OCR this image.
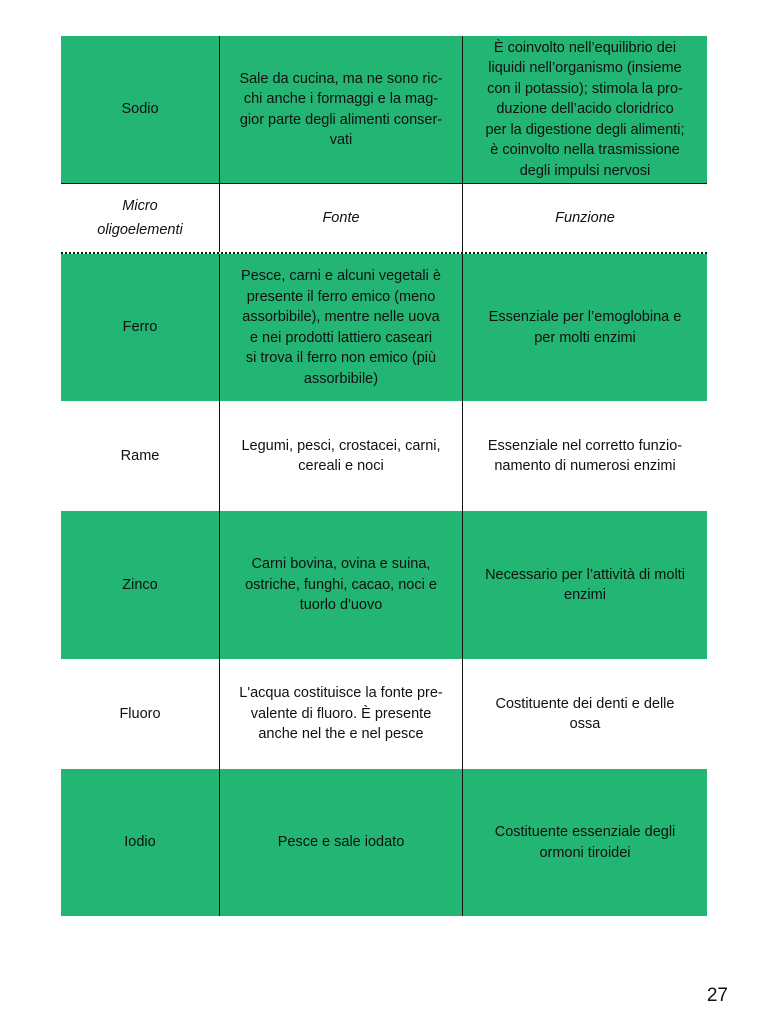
Sodio
Sale da cucina, ma ne sono ric-
chi anche i formaggi e la mag-
gior parte degli alimenti conser-
vati
È coinvolto nell’equilibrio dei
liquidi nell’organismo (insieme
con il potassio); stimola la pro-
duzione dell’acido cloridrico
per la digestione degli alimenti;
è coinvolto nella trasmissione
degli impulsi nervosi
Micro
oligoelementi
Fonte	Funzione
Ferro
Pesce, carni e alcuni vegetali è
presente il ferro emico (meno
assorbibile), mentre nelle uova
e nei prodotti lattiero caseari
si trova il ferro non emico (più
assorbibile)
Essenziale per l’emoglobina e
per molti enzimi
Rame
Legumi, pesci, crostacei, carni,
cereali e noci
Essenziale nel corretto funzio-
namento di numerosi enzimi
Zinco
Carni bovina, ovina e suina,
ostriche, funghi, cacao, noci e
tuorlo d'uovo
Necessario per l’attività di molti
enzimi
Fluoro
L'acqua costituisce la fonte pre-
valente di fluoro. È presente
anche nel the e nel pesce
Costituente dei denti e delle
ossa
Iodio	Pesce e sale iodato
Costituente essenziale degli
ormoni tiroidei
27
